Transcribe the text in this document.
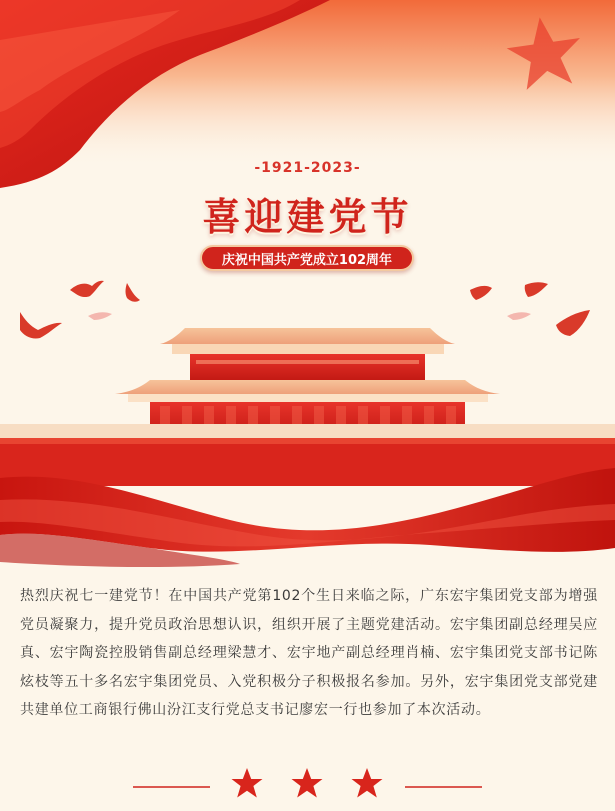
-1921-2023-
喜迎建党节
庆祝中国共产党成立102周年
热烈庆祝七一建党节！在中国共产党第102个生日来临之际，广东宏宇集团党支部为增强党员凝聚力，提升党员政治思想认识，组织开展了主题党建活动。宏宇集团副总经理吴应真、宏宇陶瓷控股销售副总经理梁慧才、宏宇地产副总经理肖楠、宏宇集团党支部书记陈炫枝等五十多名宏宇集团党员、入党积极分子积极报名参加。另外，宏宇集团党支部党建共建单位工商银行佛山汾江支行党总支书记廖宏一行也参加了本次活动。
